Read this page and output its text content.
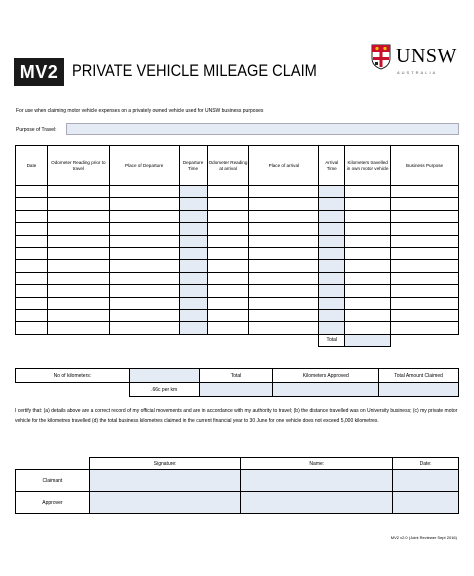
MV2 PRIVATE VEHICLE MILEAGE CLAIM
UNSW
AUSTRALIA
For use when claiming motor vehicle expenses on a privately owned vehicle used for UNSW business purposes
Purpose of Travel:
Date	Odometer Reading prior to travel	Place of Departure	Departure Time	Odometer Reading at arrival	Place of arrival	Arrival Time	Kilometers travelled in own motor vehicle	Business Purpose

						Total		
No of kilometers:		Total	Kilometers Approved	Total Amount Claimed
	.66c per km			
I certify that: (a) details above are a correct record of my official movements and are in accordance with my authority to travel; (b) the distance travelled was on University business; (c) my private motor vehicle for the kilometres travelled (d) the total business kilometres claimed in the current financial year to 30 June for one vehicle does not exceed 5,000 kilometres.
	Signature:	Name:	Date:
Claimant			
Approver			
MV2 v2.0 (Joint Reviewer Sept 2016)
